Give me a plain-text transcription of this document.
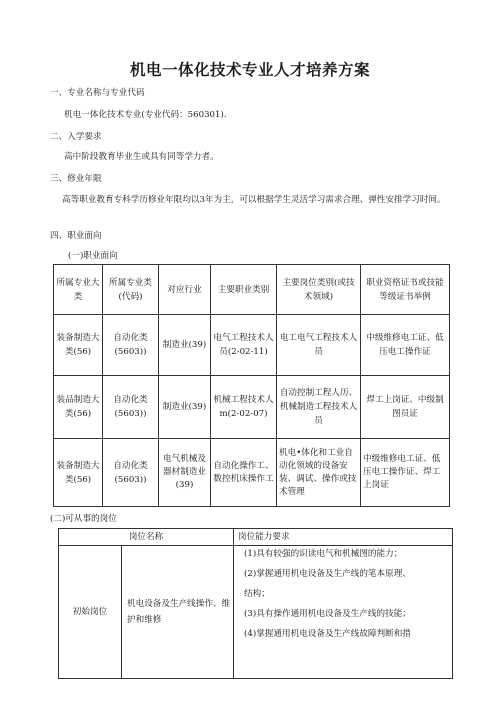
机电一体化技术专业人才培养方案
一、专业名称与专业代码
机电一体化技术专业(专业代码：560301).
二、入学要求
高中阶段教育毕业生或具有同等学力者。
三、修业年限
高等职业教育专科学历修业年限均以3年为主，可以根据学生灵活学习需求合理、弹性安排学习时间。
四、职业面向
(一)职业面向
所属专业大类	所属专业类(代码)	对应行业	主要职业类别	主要岗位类别(或技术领域)	职业资格证书或技能等级证书举例
装备制造大类(56)	自动化类(5603))	制造业(39)	电气工程技术人员(2-02-11)	电工电气工程技术人员	中级维修电工证、低压电工操作证
装品制造大类(56)	自动化类(5603))	制造业(39)	机械工程技术人m(2-02-07)	自动控制工程人历、机械制造工程技术人员	焊工上岗证、中级制图员证
装备制造大类(56)	自动化类(5603))	电气机械及器材制造业(39)	自动化操作工、数控机床操作工	机电•体化和工业自动化领域的设备安装、调试、操作或技术管理	中级维修电工证、低压电工操作证、焊工上岗证
(二)可从事的岗位
岗位名称		岗位能力要求
初始岗位	机电设备及生产线操作、维护和维修	(1)具有较强的识读电气和机械图的能力；
(2)掌握通用机电设备及生产线的笔本原理、
结构；
(3)具有操作通用机电设备及生产线的技能；
(4)掌握通用机电设备及生产线故障判断和措
